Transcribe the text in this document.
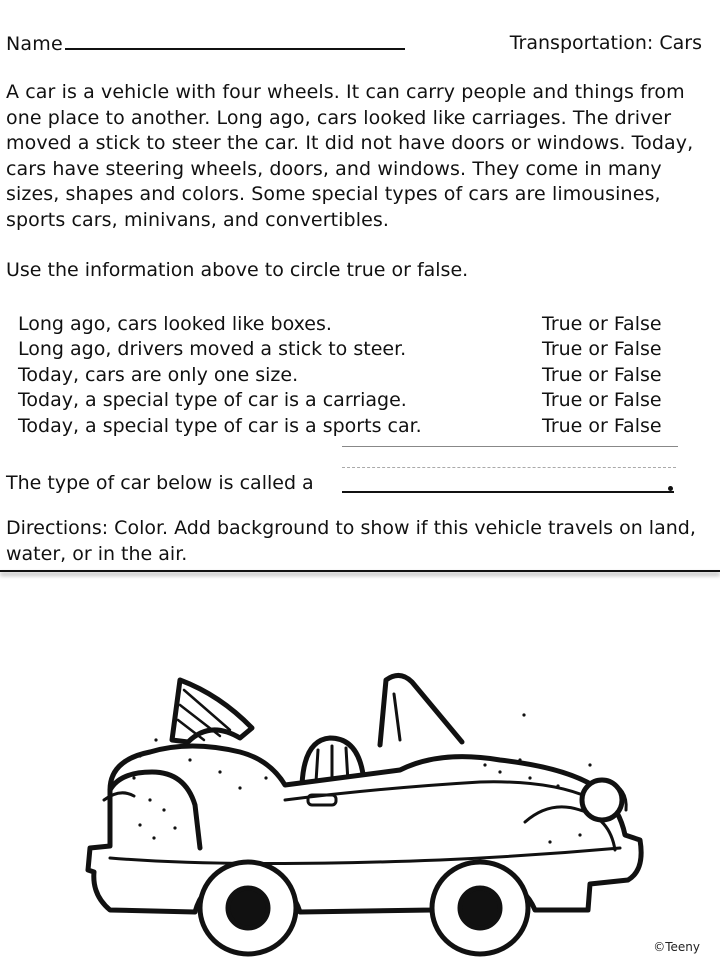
Name	Transportation: Cars
A car is a vehicle with four wheels. It can carry people and things from one place to another. Long ago, cars looked like carriages. The driver moved a stick to steer the car. It did not have doors or windows. Today, cars have steering wheels, doors, and windows. They come in many sizes, shapes and colors. Some special types of cars are limousines, sports cars, minivans, and convertibles.
Use the information above to circle true or false.
Long ago, cars looked like boxes.	True or False
Long ago, drivers moved a stick to steer.	True or False
Today, cars are only one size.	True or False
Today, a special type of car is a carriage.	True or False
Today, a special type of car is a sports car.	True or False
The type of car below is called a
Directions: Color. Add background to show if this vehicle travels on land, water, or in the air.
©Teeny
